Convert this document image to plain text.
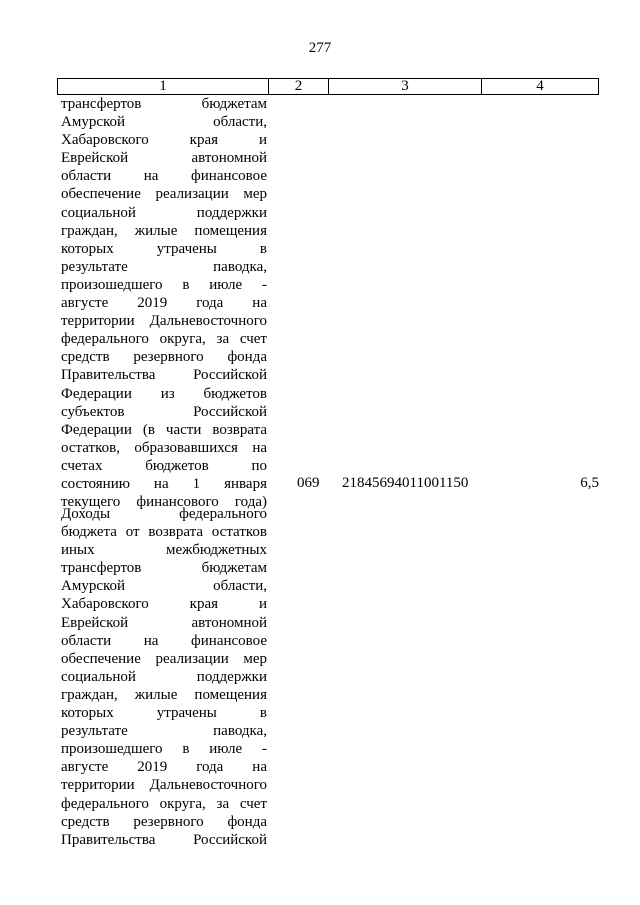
277
1	2	3	4
трансфертов бюджетам
Амурской области,
Хабаровского края и
Еврейской автономной
области на финансовое
обеспечение реализации мер
социальной поддержки
граждан, жилые помещения
которых утрачены в
результате паводка,
произошедшего в июле -
августе 2019 года на
территории Дальневосточного
федерального округа, за счет
средств резервного фонда
Правительства Российской
Федерации из бюджетов
субъектов Российской
Федерации (в части возврата
остатков, образовавшихся на
счетах бюджетов по
состоянию на 1 января
текущего финансового года)
069	21845694011001150	6,5
Доходы федерального
бюджета от возврата остатков
иных межбюджетных
трансфертов бюджетам
Амурской области,
Хабаровского края и
Еврейской автономной
области на финансовое
обеспечение реализации мер
социальной поддержки
граждан, жилые помещения
которых утрачены в
результате паводка,
произошедшего в июле -
августе 2019 года на
территории Дальневосточного
федерального округа, за счет
средств резервного фонда
Правительства Российской
